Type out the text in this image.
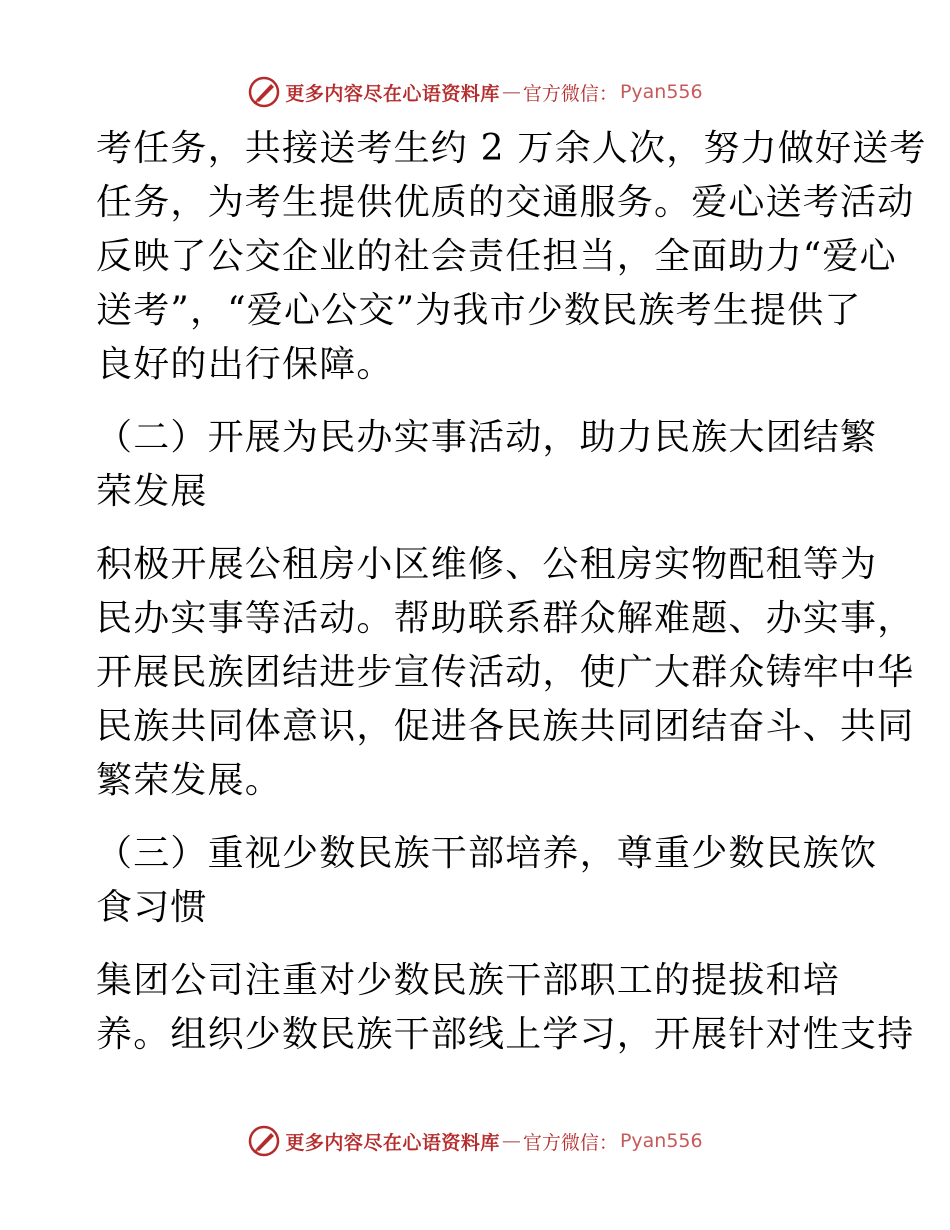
更多内容尽在心语资料库 — 官方微信： Pyan556
考任务，共接送考生约 2 万余人次，努力做好送考
任务，为考生提供优质的交通服务。爱心送考活动
反映了公交企业的社会责任担当，全面助力“爱心
送考”，“爱心公交”为我市少数民族考生提供了
良好的出行保障。
（二）开展为民办实事活动，助力民族大团结繁
荣发展
积极开展公租房小区维修、公租房实物配租等为
民办实事等活动。帮助联系群众解难题、办实事，
开展民族团结进步宣传活动，使广大群众铸牢中华
民族共同体意识，促进各民族共同团结奋斗、共同
繁荣发展。
（三）重视少数民族干部培养，尊重少数民族饮
食习惯
集团公司注重对少数民族干部职工的提拔和培
养。组织少数民族干部线上学习，开展针对性支持
更多内容尽在心语资料库 — 官方微信： Pyan556
